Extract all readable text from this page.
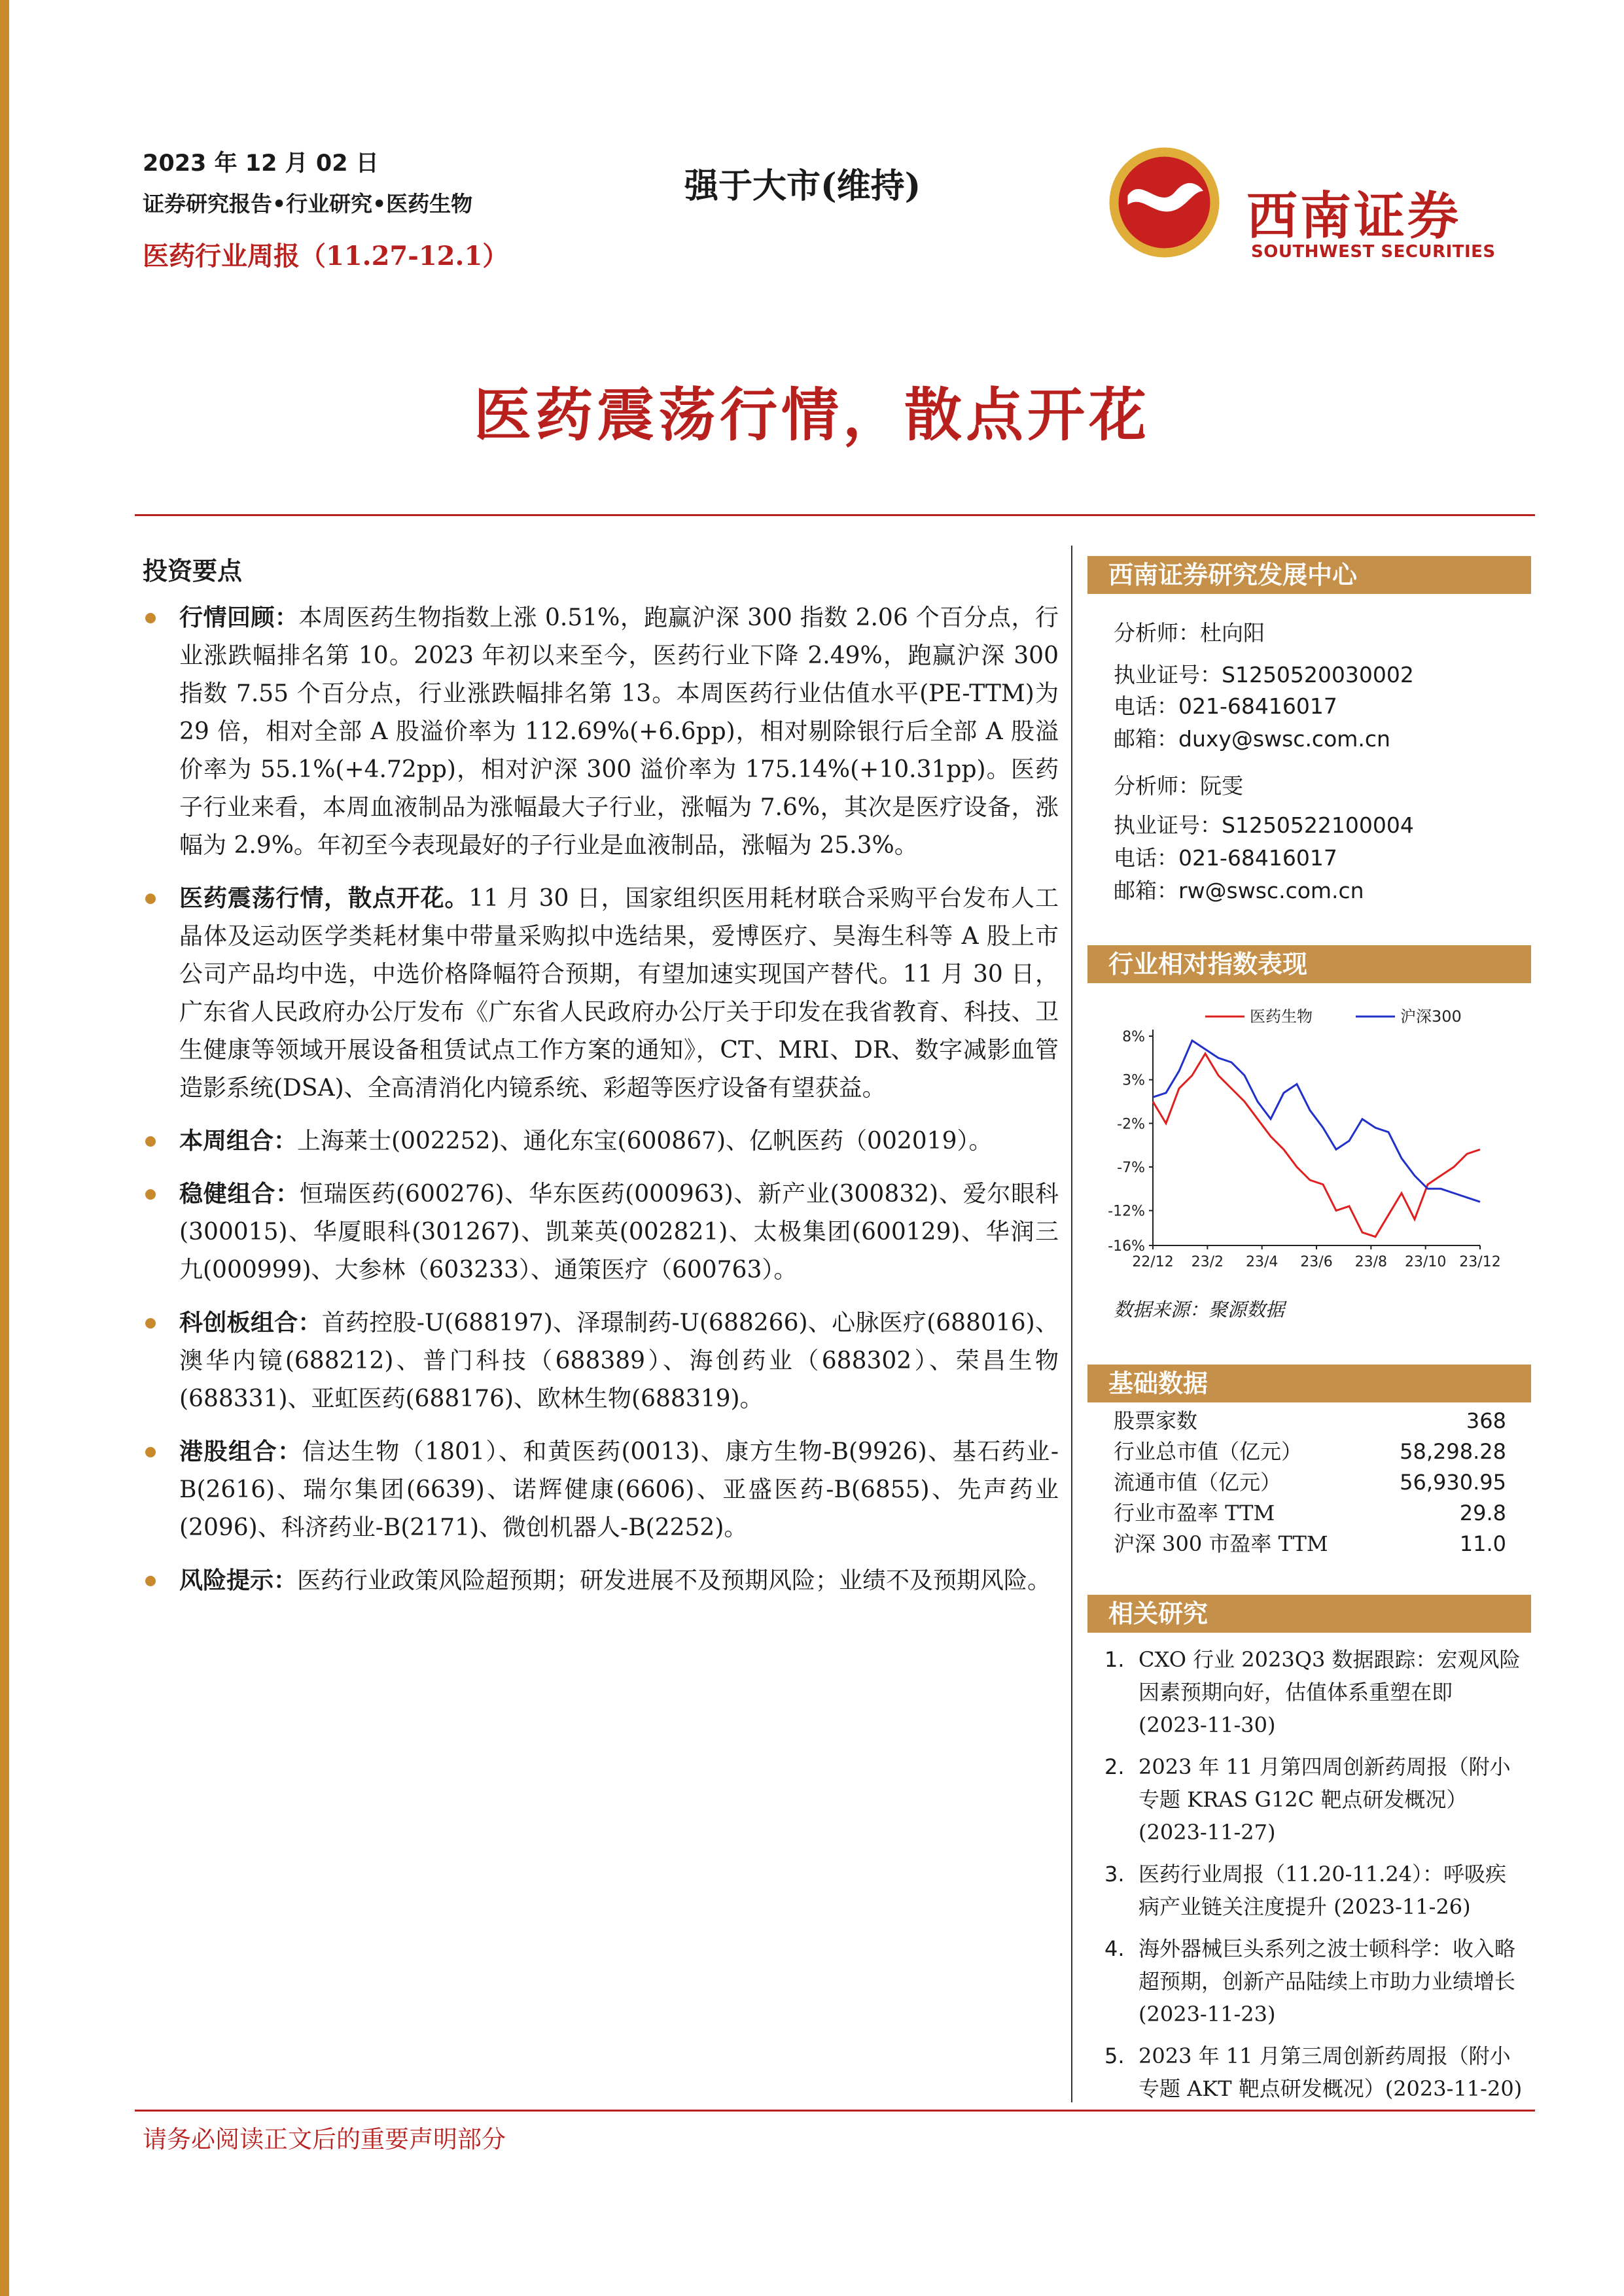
2023 年 12 月 02 日
证券研究报告•行业研究•医药生物
医药行业周报（11.27-12.1）
强于大市(维持)
西南证券
SOUTHWEST SECURITIES
医药震荡行情，散点开花
投资要点
行情回顾：本周医药生物指数上涨 0.51%，跑赢沪深 300 指数 2.06 个百分点，行业涨跌幅排名第 10。2023 年初以来至今，医药行业下降 2.49%，跑赢沪深 300 指数 7.55 个百分点，行业涨跌幅排名第 13。本周医药行业估值水平(PE-TTM)为 29 倍，相对全部 A 股溢价率为 112.69%(+6.6pp)，相对剔除银行后全部 A 股溢价率为 55.1%(+4.72pp)，相对沪深 300 溢价率为 175.14%(+10.31pp)。医药子行业来看，本周血液制品为涨幅最大子行业，涨幅为 7.6%，其次是医疗设备，涨幅为 2.9%。年初至今表现最好的子行业是血液制品，涨幅为 25.3%。
医药震荡行情，散点开花。11 月 30 日，国家组织医用耗材联合采购平台发布人工晶体及运动医学类耗材集中带量采购拟中选结果，爱博医疗、昊海生科等 A 股上市公司产品均中选，中选价格降幅符合预期，有望加速实现国产替代。11 月 30 日，广东省人民政府办公厅发布《广东省人民政府办公厅关于印发在我省教育、科技、卫生健康等领域开展设备租赁试点工作方案的通知》，CT、MRI、DR、数字减影血管造影系统(DSA)、全高清消化内镜系统、彩超等医疗设备有望获益。
本周组合：上海莱士(002252)、通化东宝(600867)、亿帆医药（002019）。
稳健组合：恒瑞医药(600276)、华东医药(000963)、新产业(300832)、爱尔眼科(300015)、华厦眼科(301267)、凯莱英(002821)、太极集团(600129)、华润三九(000999)、大参林（603233）、通策医疗（600763）。
科创板组合：首药控股-U(688197)、泽璟制药-U(688266)、心脉医疗(688016)、澳华内镜(688212)、普门科技（688389）、海创药业（688302）、荣昌生物(688331)、亚虹医药(688176)、欧林生物(688319)。
港股组合：信达生物（1801）、和黄医药(0013)、康方生物-B(9926)、基石药业-B(2616)、瑞尔集团(6639)、诺辉健康(6606)、亚盛医药-B(6855)、先声药业(2096)、科济药业-B(2171)、微创机器人-B(2252)。
风险提示：医药行业政策风险超预期；研发进展不及预期风险；业绩不及预期风险。
西南证券研究发展中心
分析师：杜向阳
执业证号：S1250520030002
电话：021-68416017
邮箱：duxy@swsc.com.cn
分析师：阮雯
执业证号：S1250522100004
电话：021-68416017
邮箱：rw@swsc.com.cn
行业相对指数表现
8%
3%
-2%
-7%
-12%
-16%
22/12 23/2 23/4 23/6 23/8 23/10 23/12
医药生物	沪深300
数据来源：聚源数据
基础数据
股票家数	368
行业总市值（亿元）	58,298.28
流通市值（亿元）	56,930.95
行业市盈率 TTM	29.8
沪深 300 市盈率 TTM	11.0
相关研究
1. CXO 行业 2023Q3 数据跟踪：宏观风险因素预期向好，估值体系重塑在即 (2023-11-30)
2. 2023 年 11 月第四周创新药周报（附小专题 KRAS G12C 靶点研发概况）(2023-11-27)
3. 医药行业周报（11.20-11.24）：呼吸疾病产业链关注度提升 (2023-11-26)
4. 海外器械巨头系列之波士顿科学：收入略超预期，创新产品陆续上市助力业绩增长 (2023-11-23)
5. 2023 年 11 月第三周创新药周报（附小专题 AKT 靶点研发概况）(2023-11-20)
请务必阅读正文后的重要声明部分
